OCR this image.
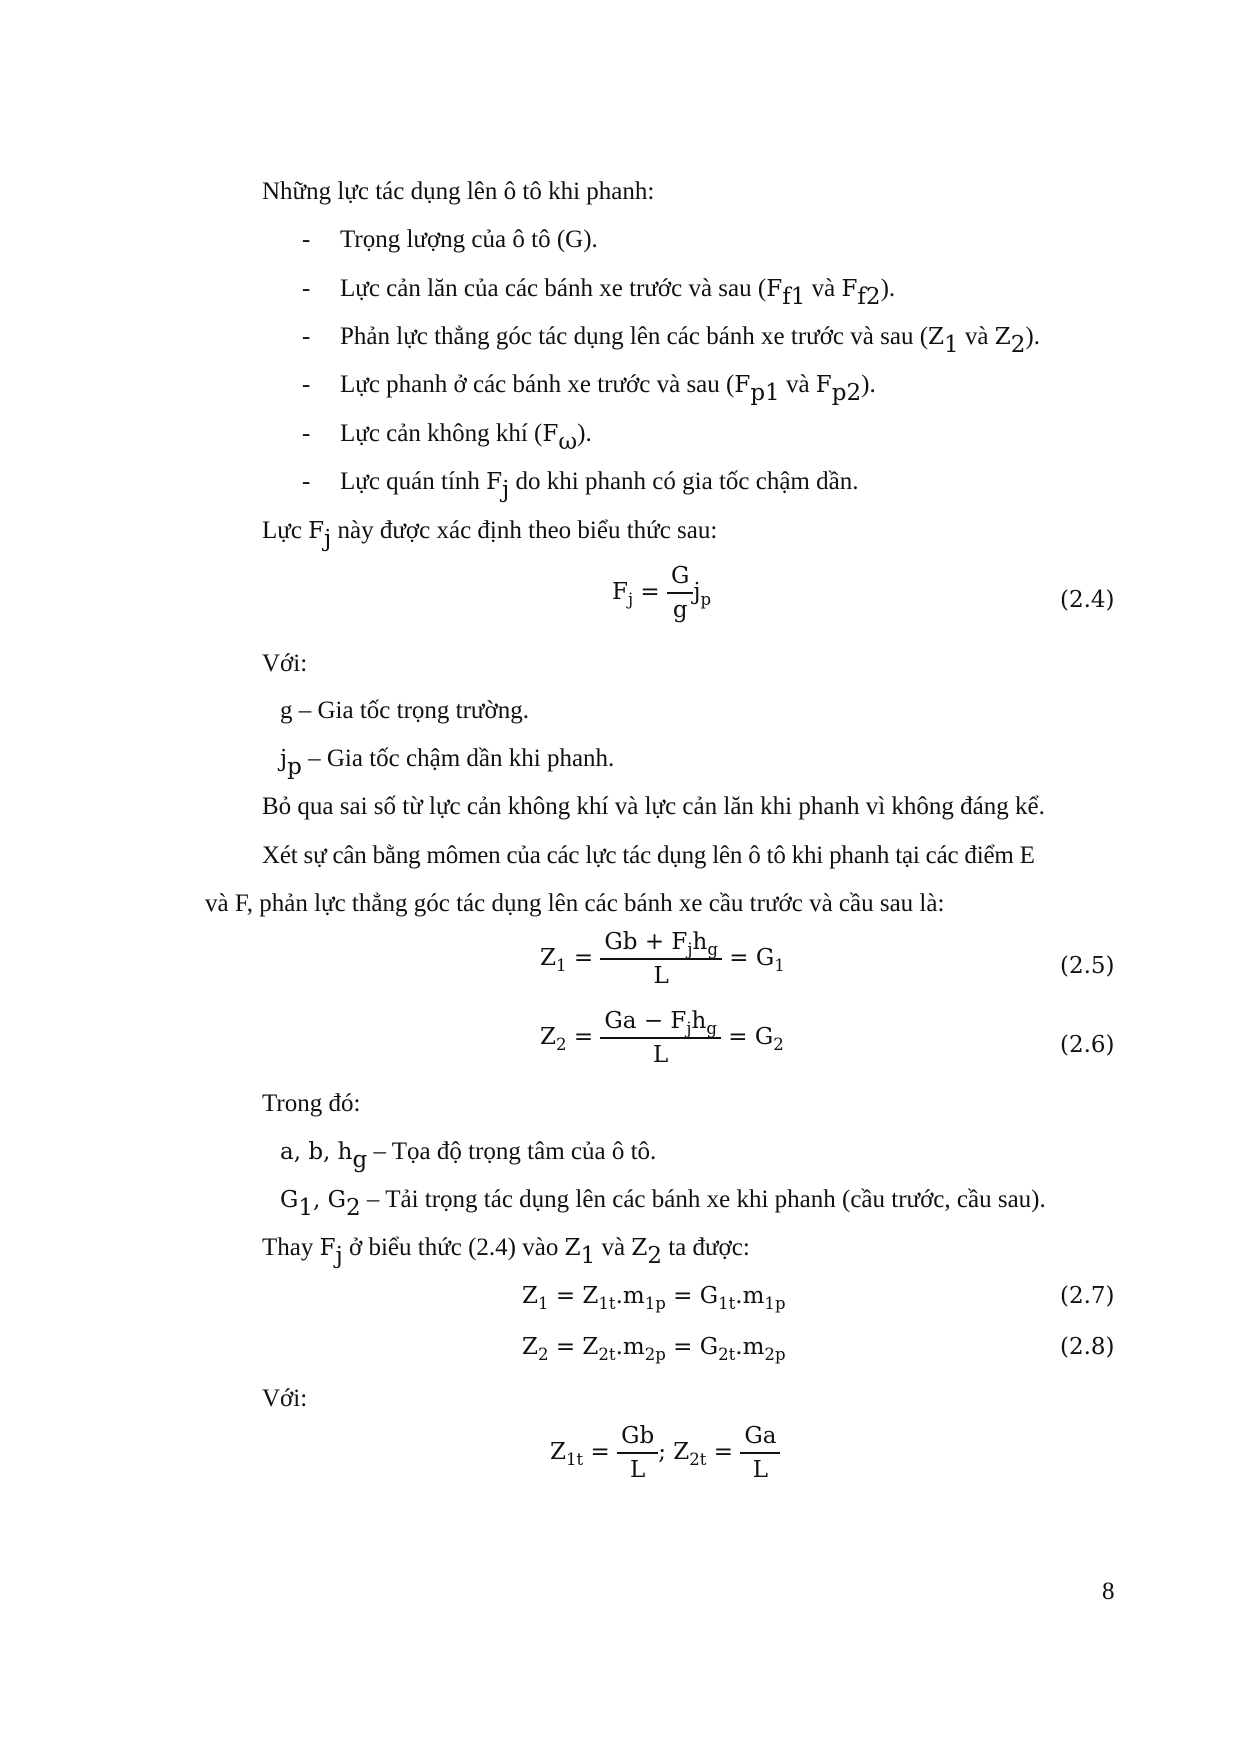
Những lực tác dụng lên ô tô khi phanh:
- Trọng lượng của ô tô (G).
- Lực cản lăn của các bánh xe trước và sau ($F_{f1}$ và $F_{f2}$).
- Phản lực thẳng góc tác dụng lên các bánh xe trước và sau ($Z_1$ và $Z_2$).
- Lực phanh ở các bánh xe trước và sau ($F_{p1}$ và $F_{p2}$).
- Lực cản không khí $(F_\omega)$.
- Lực quán tính $F_j$ do khi phanh có gia tốc chậm dần.
Lực $F_j$ này được xác định theo biểu thức sau:
$F_j = \frac{G}{g} j_p$	(2.4)
Với:
g – Gia tốc trọng trường.
$j_p$ – Gia tốc chậm dần khi phanh.
Bỏ qua sai số từ lực cản không khí và lực cản lăn khi phanh vì không đáng kể.
Xét sự cân bằng mômen của các lực tác dụng lên ô tô khi phanh tại các điểm E
và F, phản lực thẳng góc tác dụng lên các bánh xe cầu trước và cầu sau là:
$Z_1 = \frac{Gb + F_jh_g}{L} = G_1$	(2.5)
$Z_2 = \frac{Ga - F_jh_g}{L} = G_2$	(2.6)
Trong đó:
a, b, $h_g$ – Tọa độ trọng tâm của ô tô.
$G_1$, $G_2$ – Tải trọng tác dụng lên các bánh xe khi phanh (cầu trước, cầu sau).
Thay $F_j$ ở biểu thức (2.4) vào $Z_1$ và $Z_2$ ta được:
$Z_1 = Z_{1t}.m_{1p} = G_{1t}.m_{1p}$	(2.7)
$Z_2 = Z_{2t}.m_{2p} = G_{2t}.m_{2p}$	(2.8)
Với:
$Z_{1t} = \frac{Gb}{L}$ ; $Z_{2t} = \frac{Ga}{L}$
8
